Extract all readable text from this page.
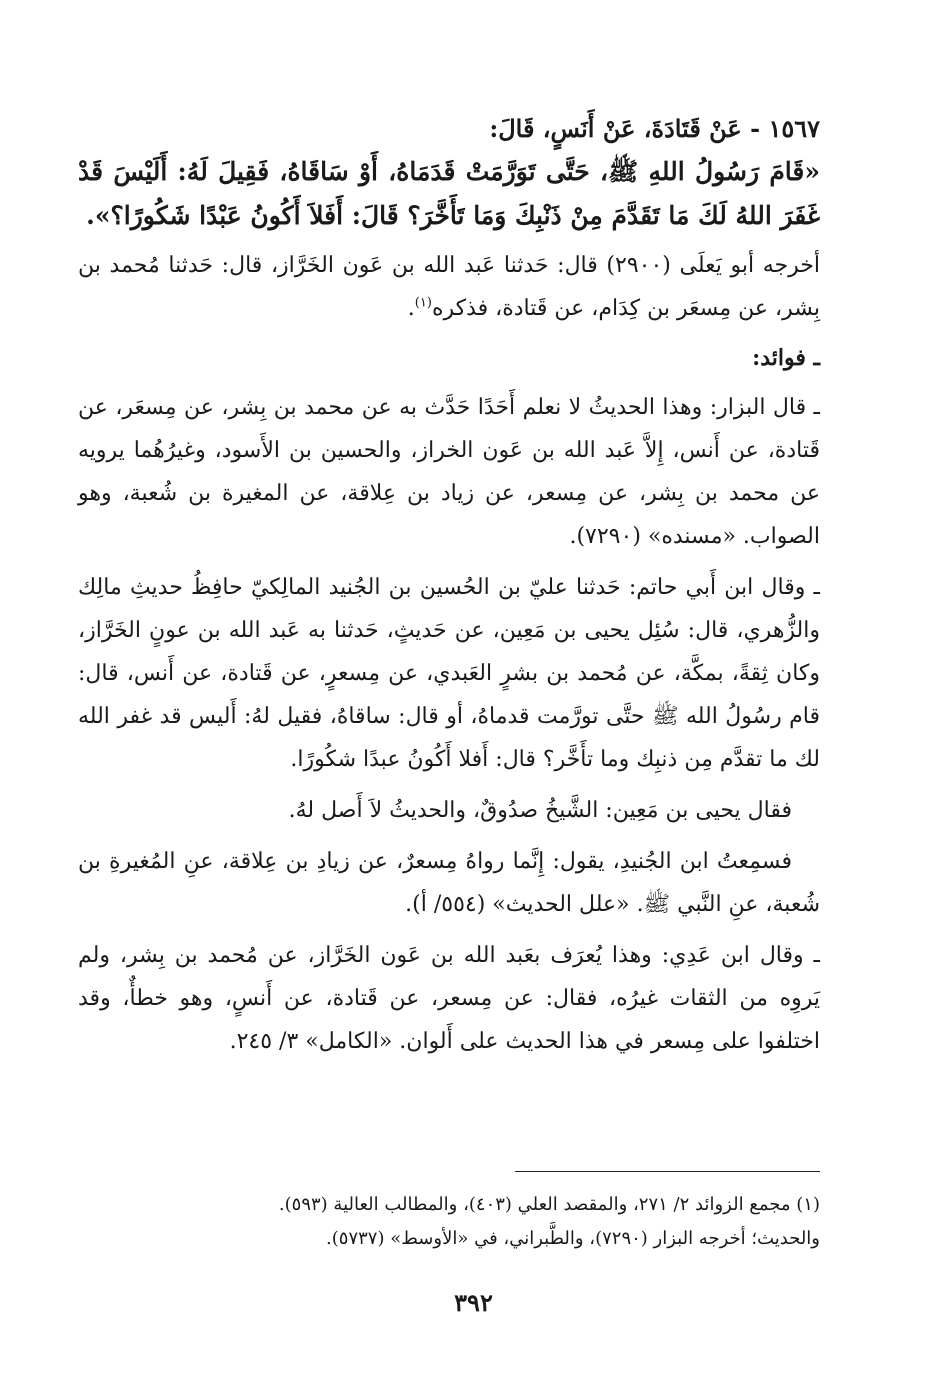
١٥٦٧ - عَنْ قَتَادَةَ، عَنْ أَنَسٍ، قَالَ:

«قَامَ رَسُولُ اللهِ ﷺ، حَتَّى تَوَرَّمَتْ قَدَمَاهُ، أَوْ سَاقَاهُ، فَقِيلَ لَهُ: أَلَيْسَ قَدْ غَفَرَ اللهُ لَكَ مَا تَقَدَّمَ مِنْ ذَنْبِكَ وَمَا تَأَخَّرَ؟ قَالَ: أَفَلاَ أَكُونُ عَبْدًا شَكُورًا؟».

أخرجه أبو يَعلَى (٢٩٠٠) قال: حَدثنا عَبد الله بن عَون الخَرَّاز، قال: حَدثنا مُحمد بن بِشر، عن مِسعَر بن كِدَام، عن قَتادة، فذكره$^{(١)}$.

ـ فوائد:

ـ قال البزار: وهذا الحديثُ لا نعلم أَحَدًا حَدَّث به عن محمد بن بِشر، عن مِسعَر، عن قَتادة، عن أَنس، إِلاَّ عَبد الله بن عَون الخراز، والحسين بن الأَسود، وغيرُهُما يرويه عن محمد بن بِشر، عن مِسعر، عن زياد بن عِلاقة، عن المغيرة بن شُعبة، وهو الصواب. «مسنده» (٧٢٩٠).

ـ وقال ابن أَبي حاتم: حَدثنا عليّ بن الحُسين بن الجُنيد المالِكيّ حافِظُ حديثِ مالِك والزُّهري، قال: سُئِل يحيى بن مَعِين، عن حَديثٍ، حَدثنا به عَبد الله بن عونٍ الخَرَّاز، وكان ثِقةً، بمكَّة، عن مُحمد بن بشرٍ العَبدي، عن مِسعرٍ، عن قَتادة، عن أَنس، قال: قام رسُولُ الله ﷺ حتَّى تورَّمت قدماهُ، أو قال: ساقاهُ، فقيل لهُ: أَليس قد غفر الله لك ما تقدَّم مِن ذنبِك وما تأَخَّر؟ قال: أَفلا أَكُونُ عبدًا شكُورًا.

فقال يحيى بن مَعِين: الشَّيخُ صدُوقٌ، والحديثُ لاَ أَصل لهُ.

فسمِعتُ ابن الجُنيدِ، يقول: إِنَّما رواهُ مِسعرٌ، عن زيادِ بن عِلاقة، عنِ المُغيرةِ بن شُعبة، عنِ النَّبي ﷺ. «علل الحديث» (٥٥٤/ أ).

ـ وقال ابن عَدِي: وهذا يُعرَف بعَبد الله بن عَون الخَرَّاز، عن مُحمد بن بِشر، ولم يَروِه من الثقات غيرُه، فقال: عن مِسعر، عن قَتادة، عن أَنسٍ، وهو خطأٌ، وقد اختلفوا على مِسعر في هذا الحديث على أَلوان. «الكامل» ٣/ ٢٤٥.

(١) مجمع الزوائد ٢/ ٢٧١، والمقصد العلي (٤٠٣)، والمطالب العالية (٥٩٣).

والحديث؛ أخرجه البزار (٧٢٩٠)، والطَّبراني، في «الأوسط» (٥٧٣٧).

٣٩٢
